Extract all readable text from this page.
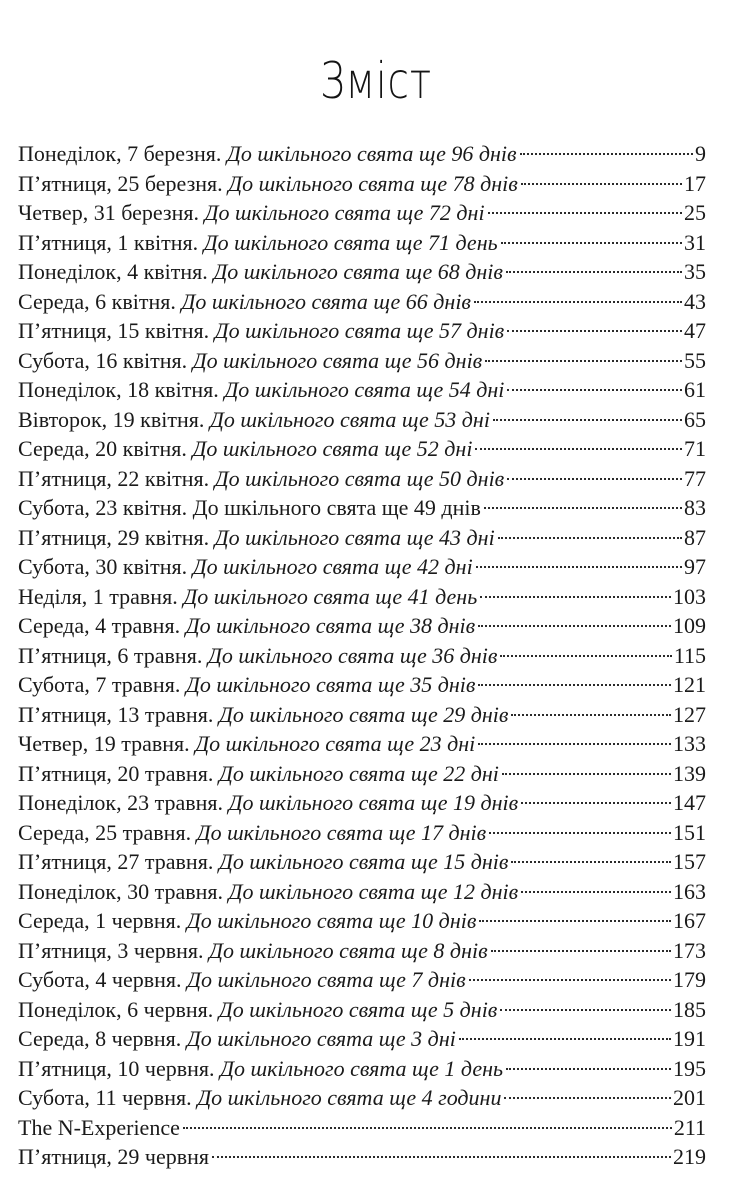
Зміст
Понеділок, 7 березня. До шкільного свята ще 96 днів	9
П’ятниця, 25 березня. До шкільного свята ще 78 днів	17
Четвер, 31 березня. До шкільного свята ще 72 дні	25
П’ятниця, 1 квітня. До шкільного свята ще 71 день	31
Понеділок, 4 квітня. До шкільного свята ще 68 днів	35
Середа, 6 квітня. До шкільного свята ще 66 днів	43
П’ятниця, 15 квітня. До шкільного свята ще 57 днів	47
Субота, 16 квітня. До шкільного свята ще 56 днів	55
Понеділок, 18 квітня. До шкільного свята ще 54 дні	61
Вівторок, 19 квітня. До шкільного свята ще 53 дні	65
Середа, 20 квітня. До шкільного свята ще 52 дні	71
П’ятниця, 22 квітня. До шкільного свята ще 50 днів	77
Субота, 23 квітня. До шкільного свята ще 49 днів	83
П’ятниця, 29 квітня. До шкільного свята ще 43 дні	87
Субота, 30 квітня. До шкільного свята ще 42 дні	97
Неділя, 1 травня. До шкільного свята ще 41 день	103
Середа, 4 травня. До шкільного свята ще 38 днів	109
П’ятниця, 6 травня. До шкільного свята ще 36 днів	115
Субота, 7 травня. До шкільного свята ще 35 днів	121
П’ятниця, 13 травня. До шкільного свята ще 29 днів	127
Четвер, 19 травня. До шкільного свята ще 23 дні	133
П’ятниця, 20 травня. До шкільного свята ще 22 дні	139
Понеділок, 23 травня. До шкільного свята ще 19 днів	147
Середа, 25 травня. До шкільного свята ще 17 днів	151
П’ятниця, 27 травня. До шкільного свята ще 15 днів	157
Понеділок, 30 травня. До шкільного свята ще 12 днів	163
Середа, 1 червня. До шкільного свята ще 10 днів	167
П’ятниця, 3 червня. До шкільного свята ще 8 днів	173
Субота, 4 червня. До шкільного свята ще 7 днів	179
Понеділок, 6 червня. До шкільного свята ще 5 днів	185
Середа, 8 червня. До шкільного свята ще 3 дні	191
П’ятниця, 10 червня. До шкільного свята ще 1 день	195
Субота, 11 червня. До шкільного свята ще 4 години	201
The N-Experience	211
П’ятниця, 29 червня	219
